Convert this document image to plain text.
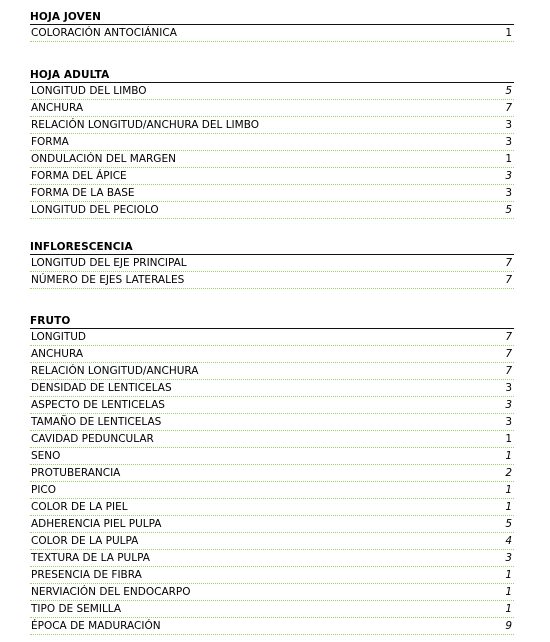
HOJA JOVEN
COLORACIÓN ANTOCIÁNICA	1
HOJA ADULTA
LONGITUD DEL LIMBO	5
ANCHURA	7
RELACIÓN LONGITUD/ANCHURA DEL LIMBO	3
FORMA	3
ONDULACIÓN DEL MARGEN	1
FORMA DEL ÁPICE	3
FORMA DE LA BASE	3
LONGITUD DEL PECIOLO	5
INFLORESCENCIA
LONGITUD DEL EJE PRINCIPAL	7
NÚMERO DE EJES LATERALES	7
FRUTO
LONGITUD	7
ANCHURA	7
RELACIÓN LONGITUD/ANCHURA	7
DENSIDAD DE LENTICELAS	3
ASPECTO DE LENTICELAS	3
TAMAÑO DE LENTICELAS	3
CAVIDAD PEDUNCULAR	1
SENO	1
PROTUBERANCIA	2
PICO	1
COLOR DE LA PIEL	1
ADHERENCIA PIEL PULPA	5
COLOR DE LA PULPA	4
TEXTURA DE LA PULPA	3
PRESENCIA DE FIBRA	1
NERVIACIÓN DEL ENDOCARPO	1
TIPO DE SEMILLA	1
ÉPOCA DE MADURACIÓN	9
